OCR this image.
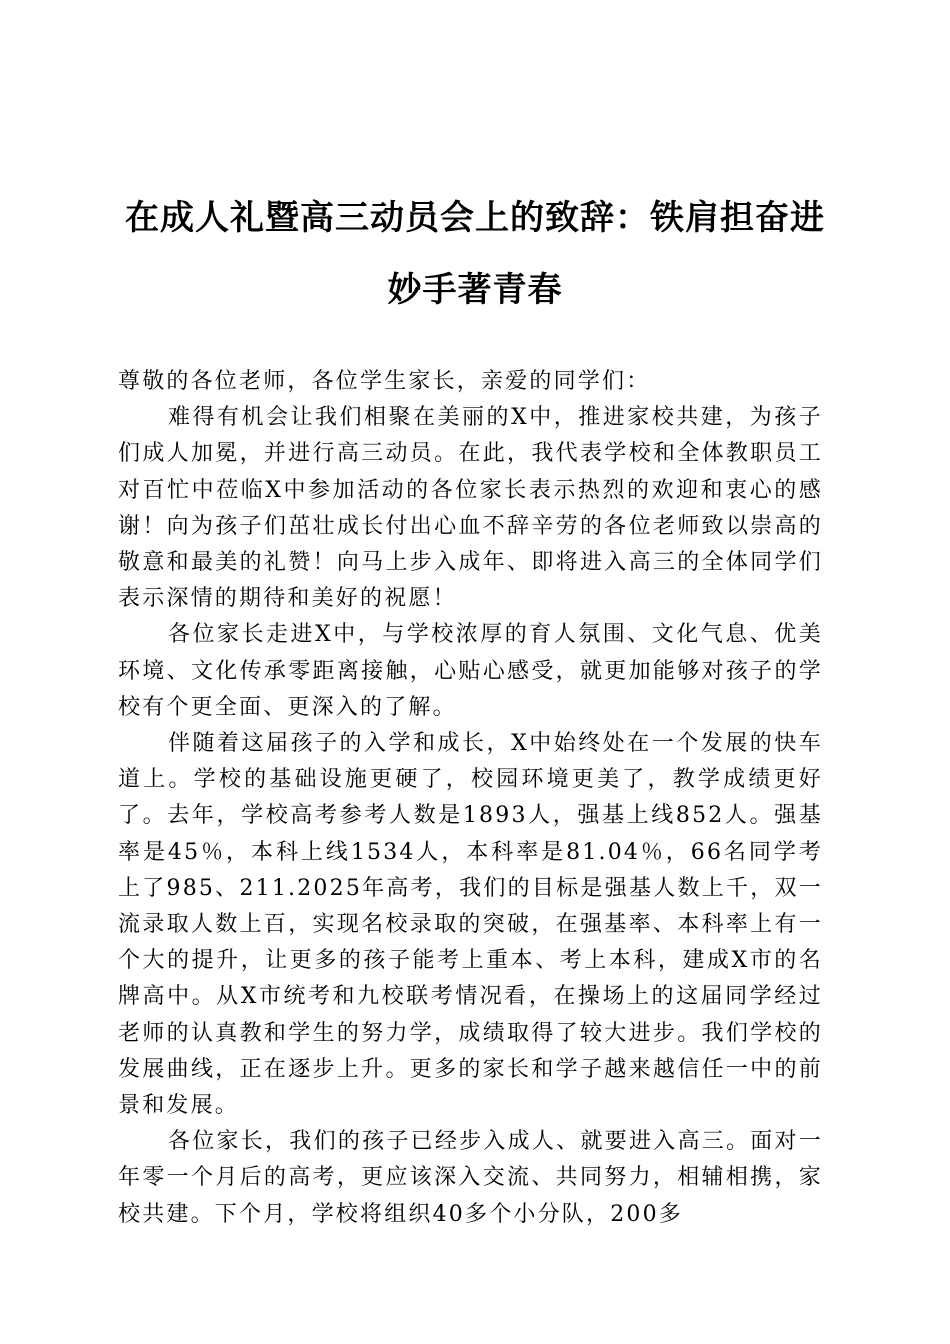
在成人礼暨高三动员会上的致辞：铁肩担奋进
妙手著青春

尊敬的各位老师，各位学生家长，亲爱的同学们：

难得有机会让我们相聚在美丽的X中，推进家校共建，为孩子们成人加冕，并进行高三动员。在此，我代表学校和全体教职员工对百忙中莅临X中参加活动的各位家长表示热烈的欢迎和衷心的感谢！向为孩子们茁壮成长付出心血不辞辛劳的各位老师致以崇高的敬意和最美的礼赞！向马上步入成年、即将进入高三的全体同学们表示深情的期待和美好的祝愿！

各位家长走进X中，与学校浓厚的育人氛围、文化气息、优美环境、文化传承零距离接触，心贴心感受，就更加能够对孩子的学校有个更全面、更深入的了解。

伴随着这届孩子的入学和成长，X中始终处在一个发展的快车道上。学校的基础设施更硬了，校园环境更美了，教学成绩更好了。去年，学校高考参考人数是1893人，强基上线852人。强基率是45％，本科上线1534人，本科率是81.04％，66名同学考上了985、211.2025年高考，我们的目标是强基人数上千，双一流录取人数上百，实现名校录取的突破，在强基率、本科率上有一个大的提升，让更多的孩子能考上重本、考上本科，建成X市的名牌高中。从X市统考和九校联考情况看，在操场上的这届同学经过老师的认真教和学生的努力学，成绩取得了较大进步。我们学校的发展曲线，正在逐步上升。更多的家长和学子越来越信任一中的前景和发展。

各位家长，我们的孩子已经步入成人、就要进入高三。面对一年零一个月后的高考，更应该深入交流、共同努力，相辅相携，家校共建。下个月，学校将组织40多个小分队，200多
